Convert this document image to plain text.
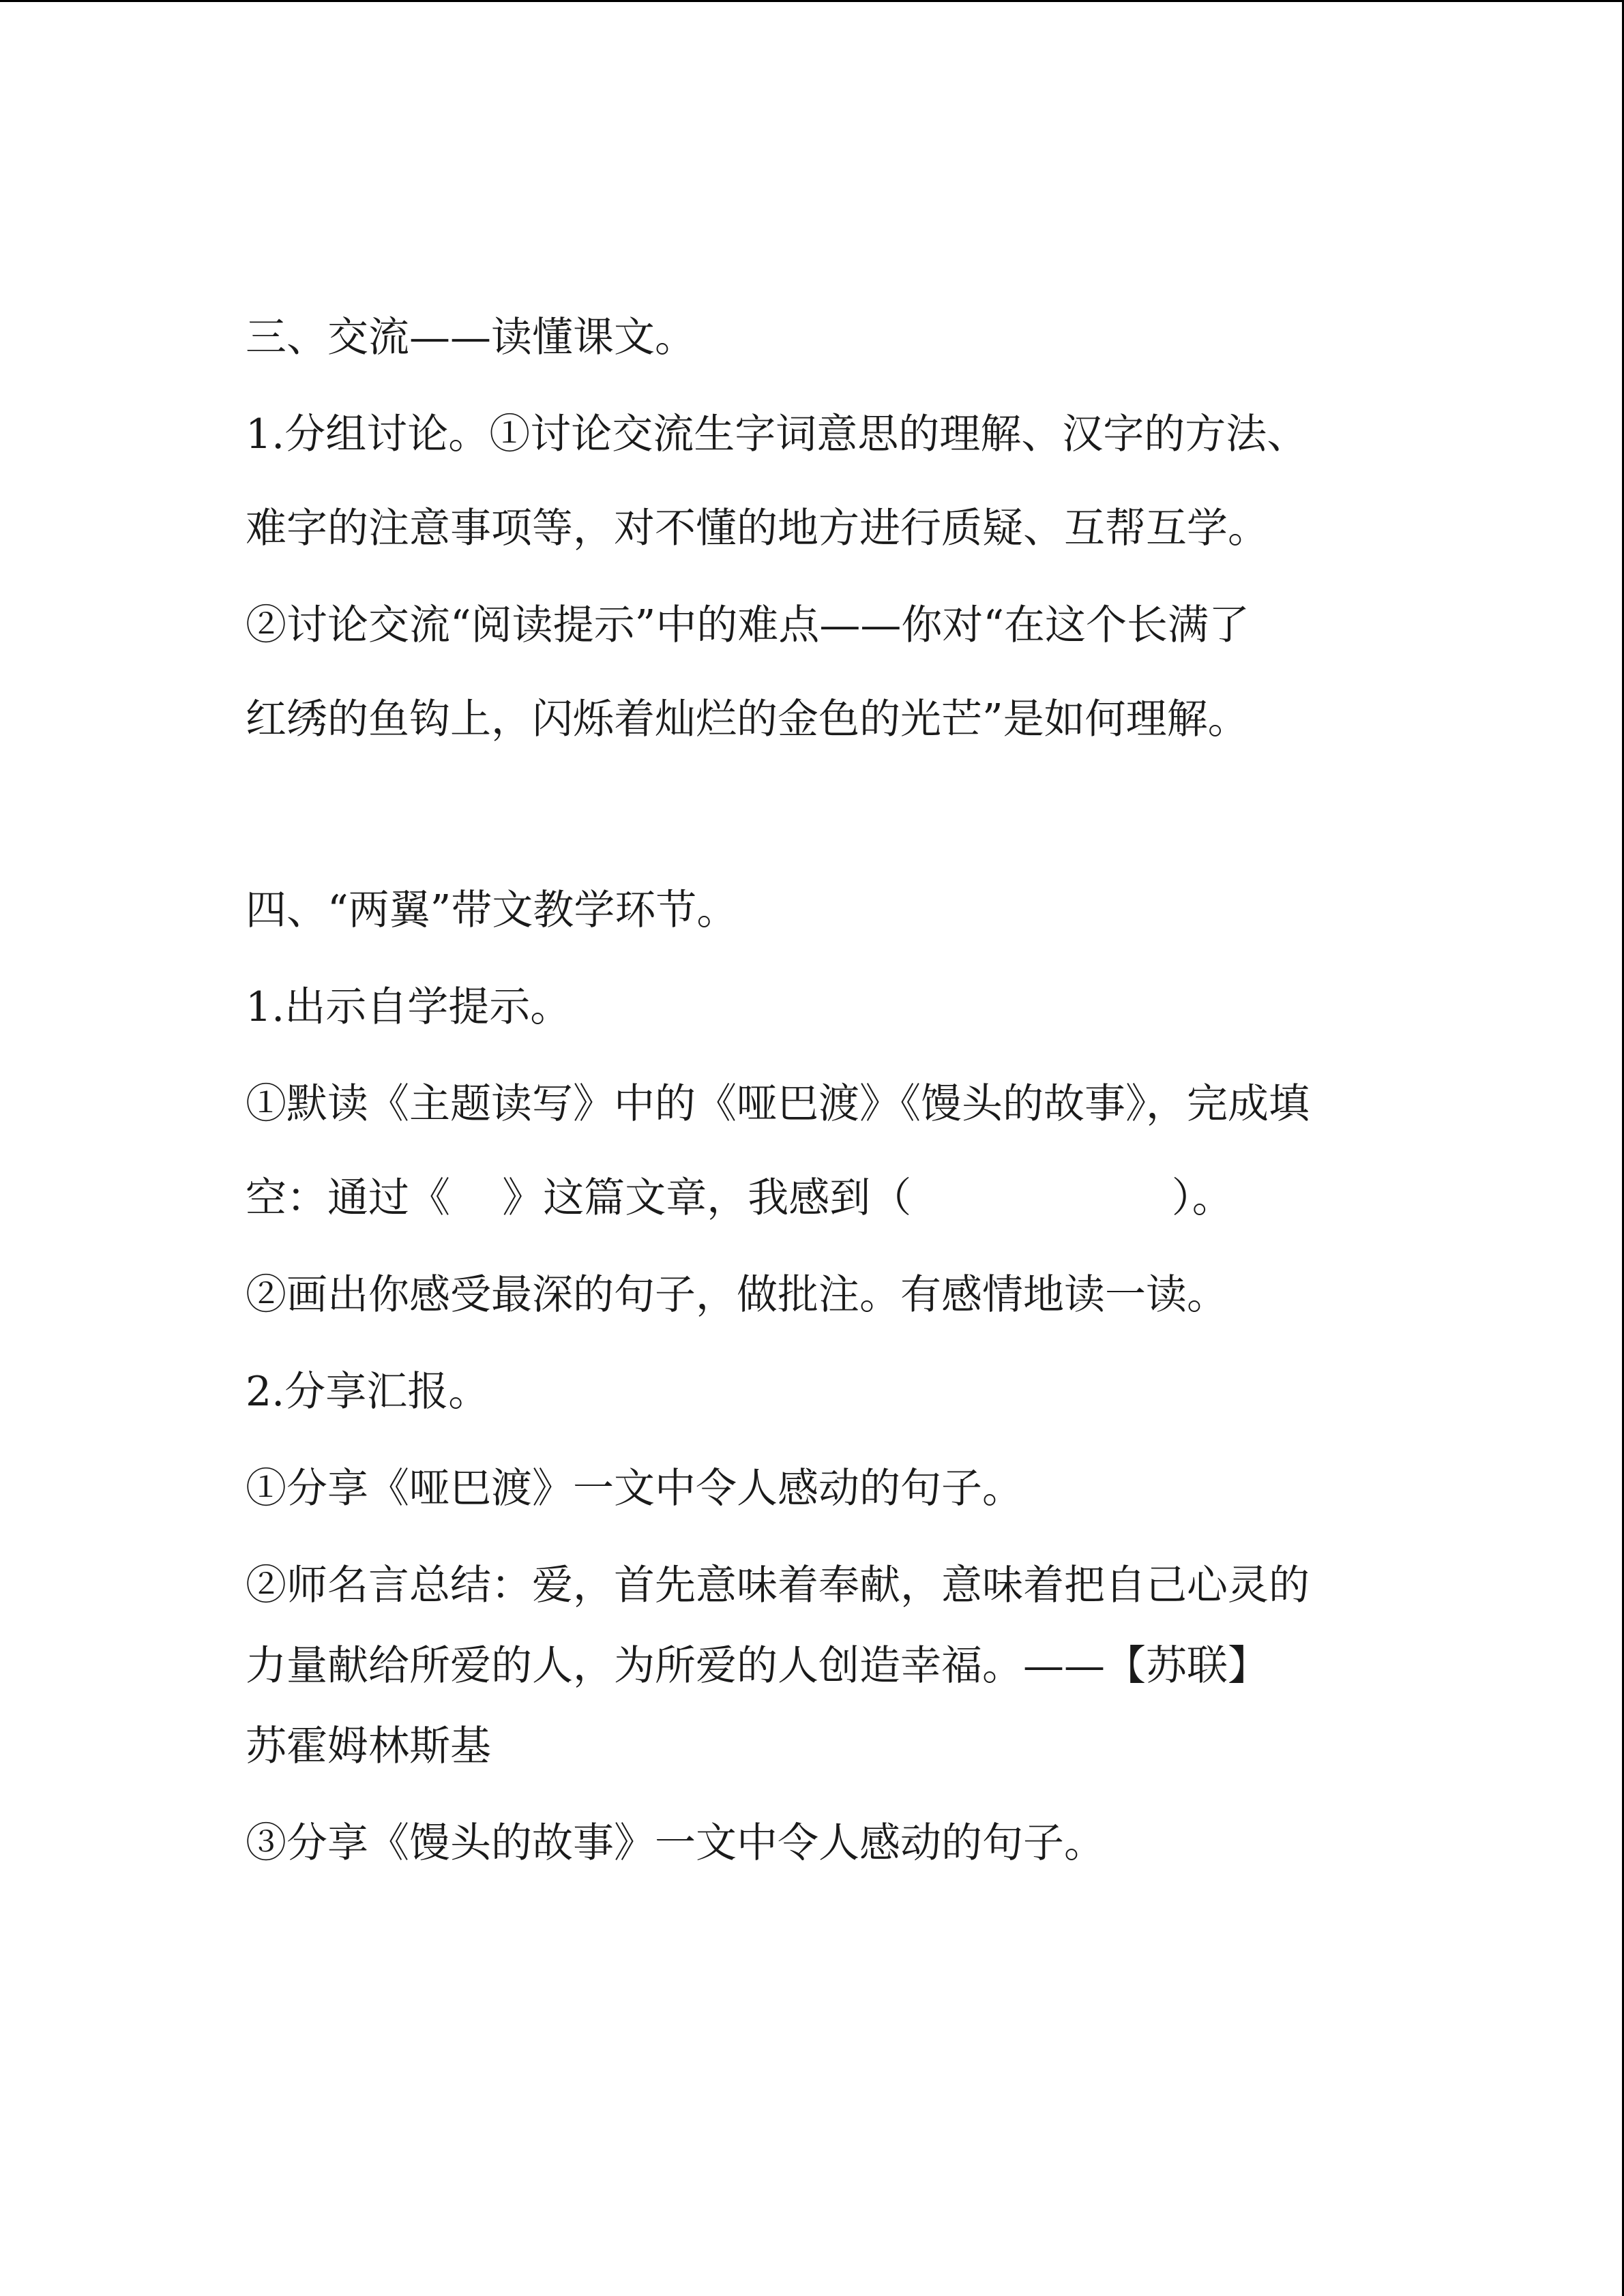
三、交流——读懂课文。

1.分组讨论。①讨论交流生字词意思的理解、汉字的方法、

难字的注意事项等，对不懂的地方进行质疑、互帮互学。

②讨论交流“阅读提示”中的难点——你对“在这个长满了

红绣的鱼钩上，闪烁着灿烂的金色的光芒”是如何理解。

四、“两翼”带文教学环节。

1.出示自学提示。

①默读《主题读写》中的《哑巴渡》《馒头的故事》，完成填

空：通过《    》这篇文章，我感到（                    ）。

②画出你感受最深的句子，做批注。有感情地读一读。

2.分享汇报。

①分享《哑巴渡》一文中令人感动的句子。

②师名言总结：爱，首先意味着奉献，意味着把自己心灵的

力量献给所爱的人，为所爱的人创造幸福。——【苏联】

苏霍姆林斯基

③分享《馒头的故事》一文中令人感动的句子。
